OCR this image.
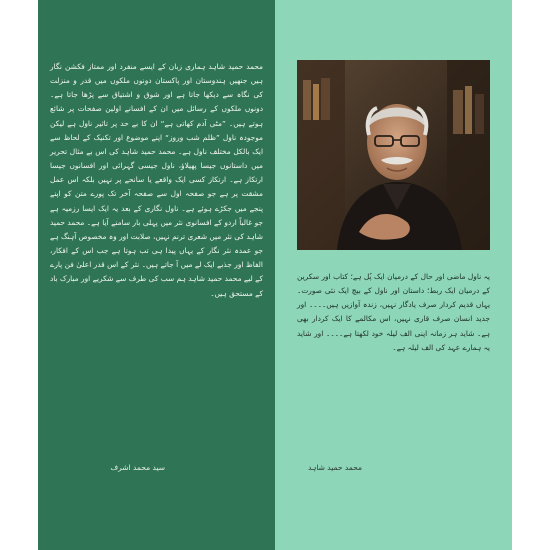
محمد حمید شاہد ہماری زبان کے ایسے منفرد اور ممتاز فکشن نگار ہیں جنھیں ہندوستان اور پاکستان دونوں ملکوں میں قدر و منزلت کی نگاہ سے دیکھا جاتا ہے اور شوق و اشتیاق سے پڑھا جاتا ہے۔ دونوں ملکوں کے رسائل میں ان کے افسانے اولین صفحات پر شائع ہوتے ہیں۔ ”مٹی آدم کھاتی ہے“ ان کا بے حد پر تاثیر ناول ہے لیکن موجودہ ناول ”ظلم شب وروز“ اپنے موضوع اور تکنیک کے لحاظ سے ایک بالکل مختلف ناول ہے۔ محمد حمید شاہد کی اس بے مثال تحریر میں داستانوں جیسا پھیلاؤ، ناول جیسی گہرائی اور افسانوں جیسا ارتکاز ہے۔ ارتکاز کسی ایک واقعے یا سانحے پر نہیں بلکہ اس عمل مشقت پر ہے جو صفحہ اول سے صفحہ آخر تک پورے متن کو اپنے پنجے میں جکڑے ہوئے ہے۔ ناول نگاری کے بعد یہ ایک ایسا رزمیہ ہے جو غالباً اردو کے افسانوی نثر میں پہلی بار سامنے آیا ہے۔ محمد حمید شاہد کی نثر میں شعری ترنم نہیں، صلابت اور وہ مخصوص آہنگ ہے جو عمدہ نثر نگار کے یہاں پیدا ہی تب ہوتا ہے جب اس کے افکار، الفاظ اور جذبے ایک لے میں آ جاتے ہیں۔ نثر کے اس قدر اعلیٰ فن پارے کے لیے محمد حمید شاہد ہم سب کی طرف سے شکریے اور مبارک باد کے مستحق ہیں۔

سید محمد اشرف

یہ ناول ماضی اور حال کے درمیان ایک پُل ہے؛ کتاب اور سکرین کے درمیان ایک ربط؛ داستان اور ناول کے بیچ ایک نئی صورت۔ یہاں قدیم کردار صرف یادگار نہیں، زندہ آوازیں ہیں۔۔۔۔ اور جدید انسان صرف قاری نہیں، اس مکالمے کا ایک کردار بھی ہے۔ شاید ہر زمانہ اپنی الف لیلہ خود لکھتا ہے۔۔۔۔ اور شاید یہ ہمارے عہد کی الف لیلہ ہے۔

محمد حمید شاہد
